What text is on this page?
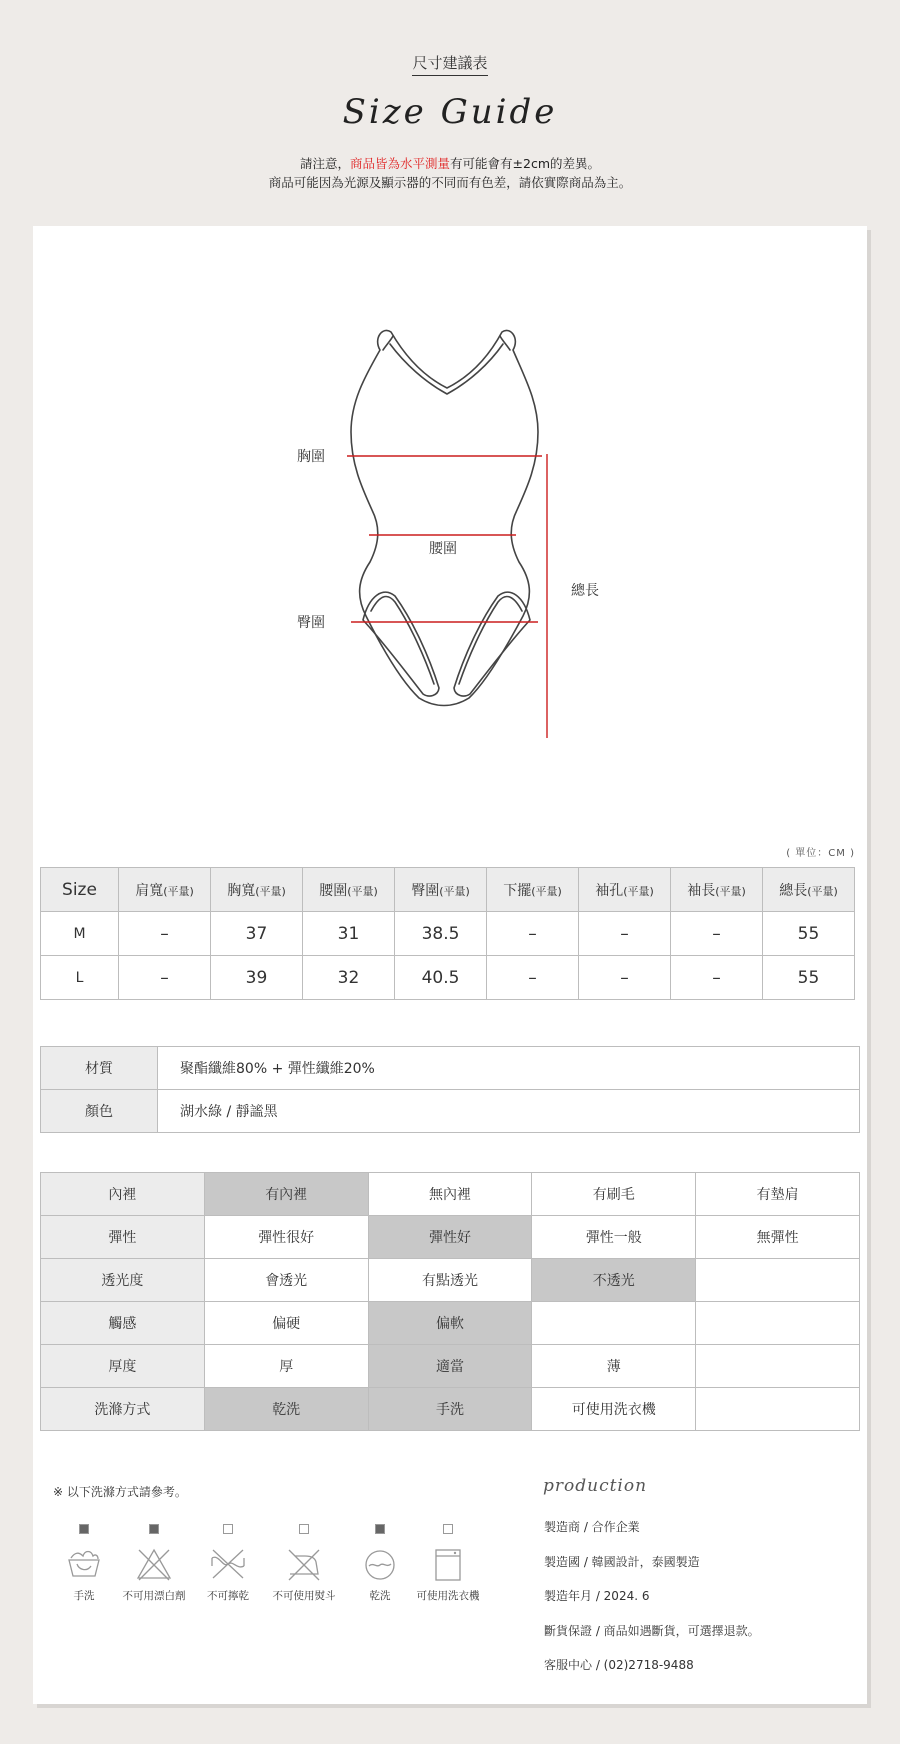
尺寸建議表
Size Guide
請注意，商品皆為水平測量有可能會有±2cm的差異。
商品可能因為光源及顯示器的不同而有色差，請依實際商品為主。
胸圍
腰圍
臀圍
總長
( 單位：CM )
Size	肩寬(平量)	胸寬(平量)	腰圍(平量)	臀圍(平量)	下擺(平量)	袖孔(平量)	袖長(平量)	總長(平量)
M	–	37	31	38.5	–	–	–	55
L	–	39	32	40.5	–	–	–	55
材質	聚酯纖維80% + 彈性纖維20%
顏色	湖水綠 / 靜謐黑
內裡	有內裡	無內裡	有刷毛	有墊肩
彈性	彈性很好	彈性好	彈性一般	無彈性
透光度	會透光	有點透光	不透光	
觸感	偏硬	偏軟		
厚度	厚	適當	薄	
洗滌方式	乾洗	手洗	可使用洗衣機	
※ 以下洗滌方式請參考。
手洗	不可用漂白劑	不可擰乾	不可使用熨斗	乾洗	可使用洗衣機
production
製造商 / 合作企業
製造國 / 韓國設計，泰國製造
製造年月 / 2024. 6
斷貨保證 / 商品如遇斷貨，可選擇退款。
客服中心 / (02)2718-9488
